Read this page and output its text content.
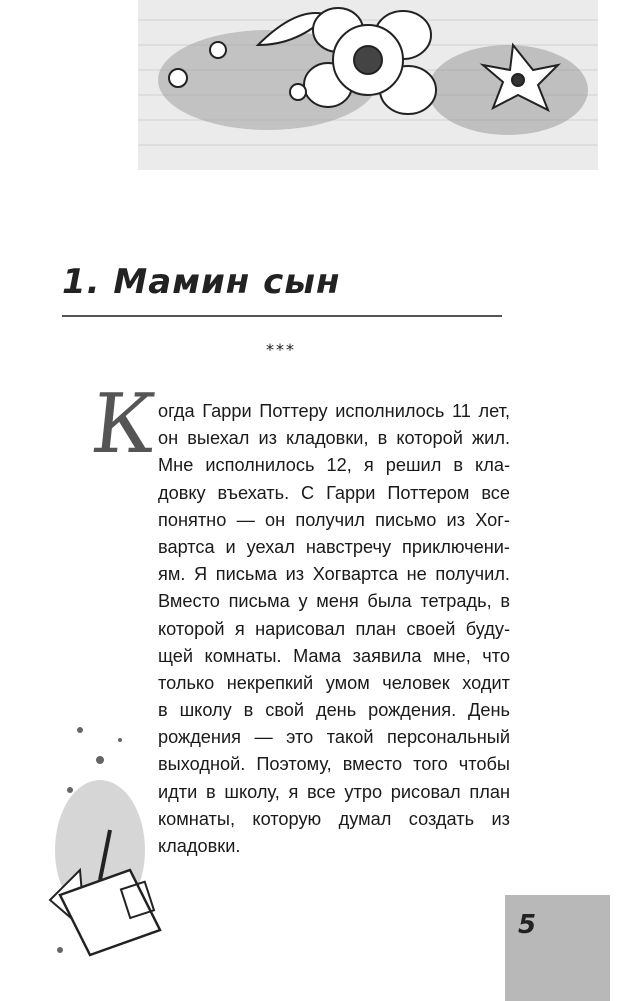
1. Мамин сын
***
К
огда Гарри Поттеру исполнилось 11 лет,
он выехал из кладовки, в которой жил.
Мне исполнилось 12, я решил в кла-
довку въехать. С Гарри Поттером все
понятно — он получил письмо из Хог-
вартса и уехал навстречу приключени-
ям. Я письма из Хогвартса не получил.
Вместо письма у меня была тетрадь, в
которой я нарисовал план своей буду-
щей комнаты. Мама заявила мне, что
только некрепкий умом человек ходит
в школу в свой день рождения. День
рождения — это такой персональный
выходной. Поэтому, вместо того чтобы
идти в школу, я все утро рисовал план
комнаты, которую думал создать из
кладовки.
5
